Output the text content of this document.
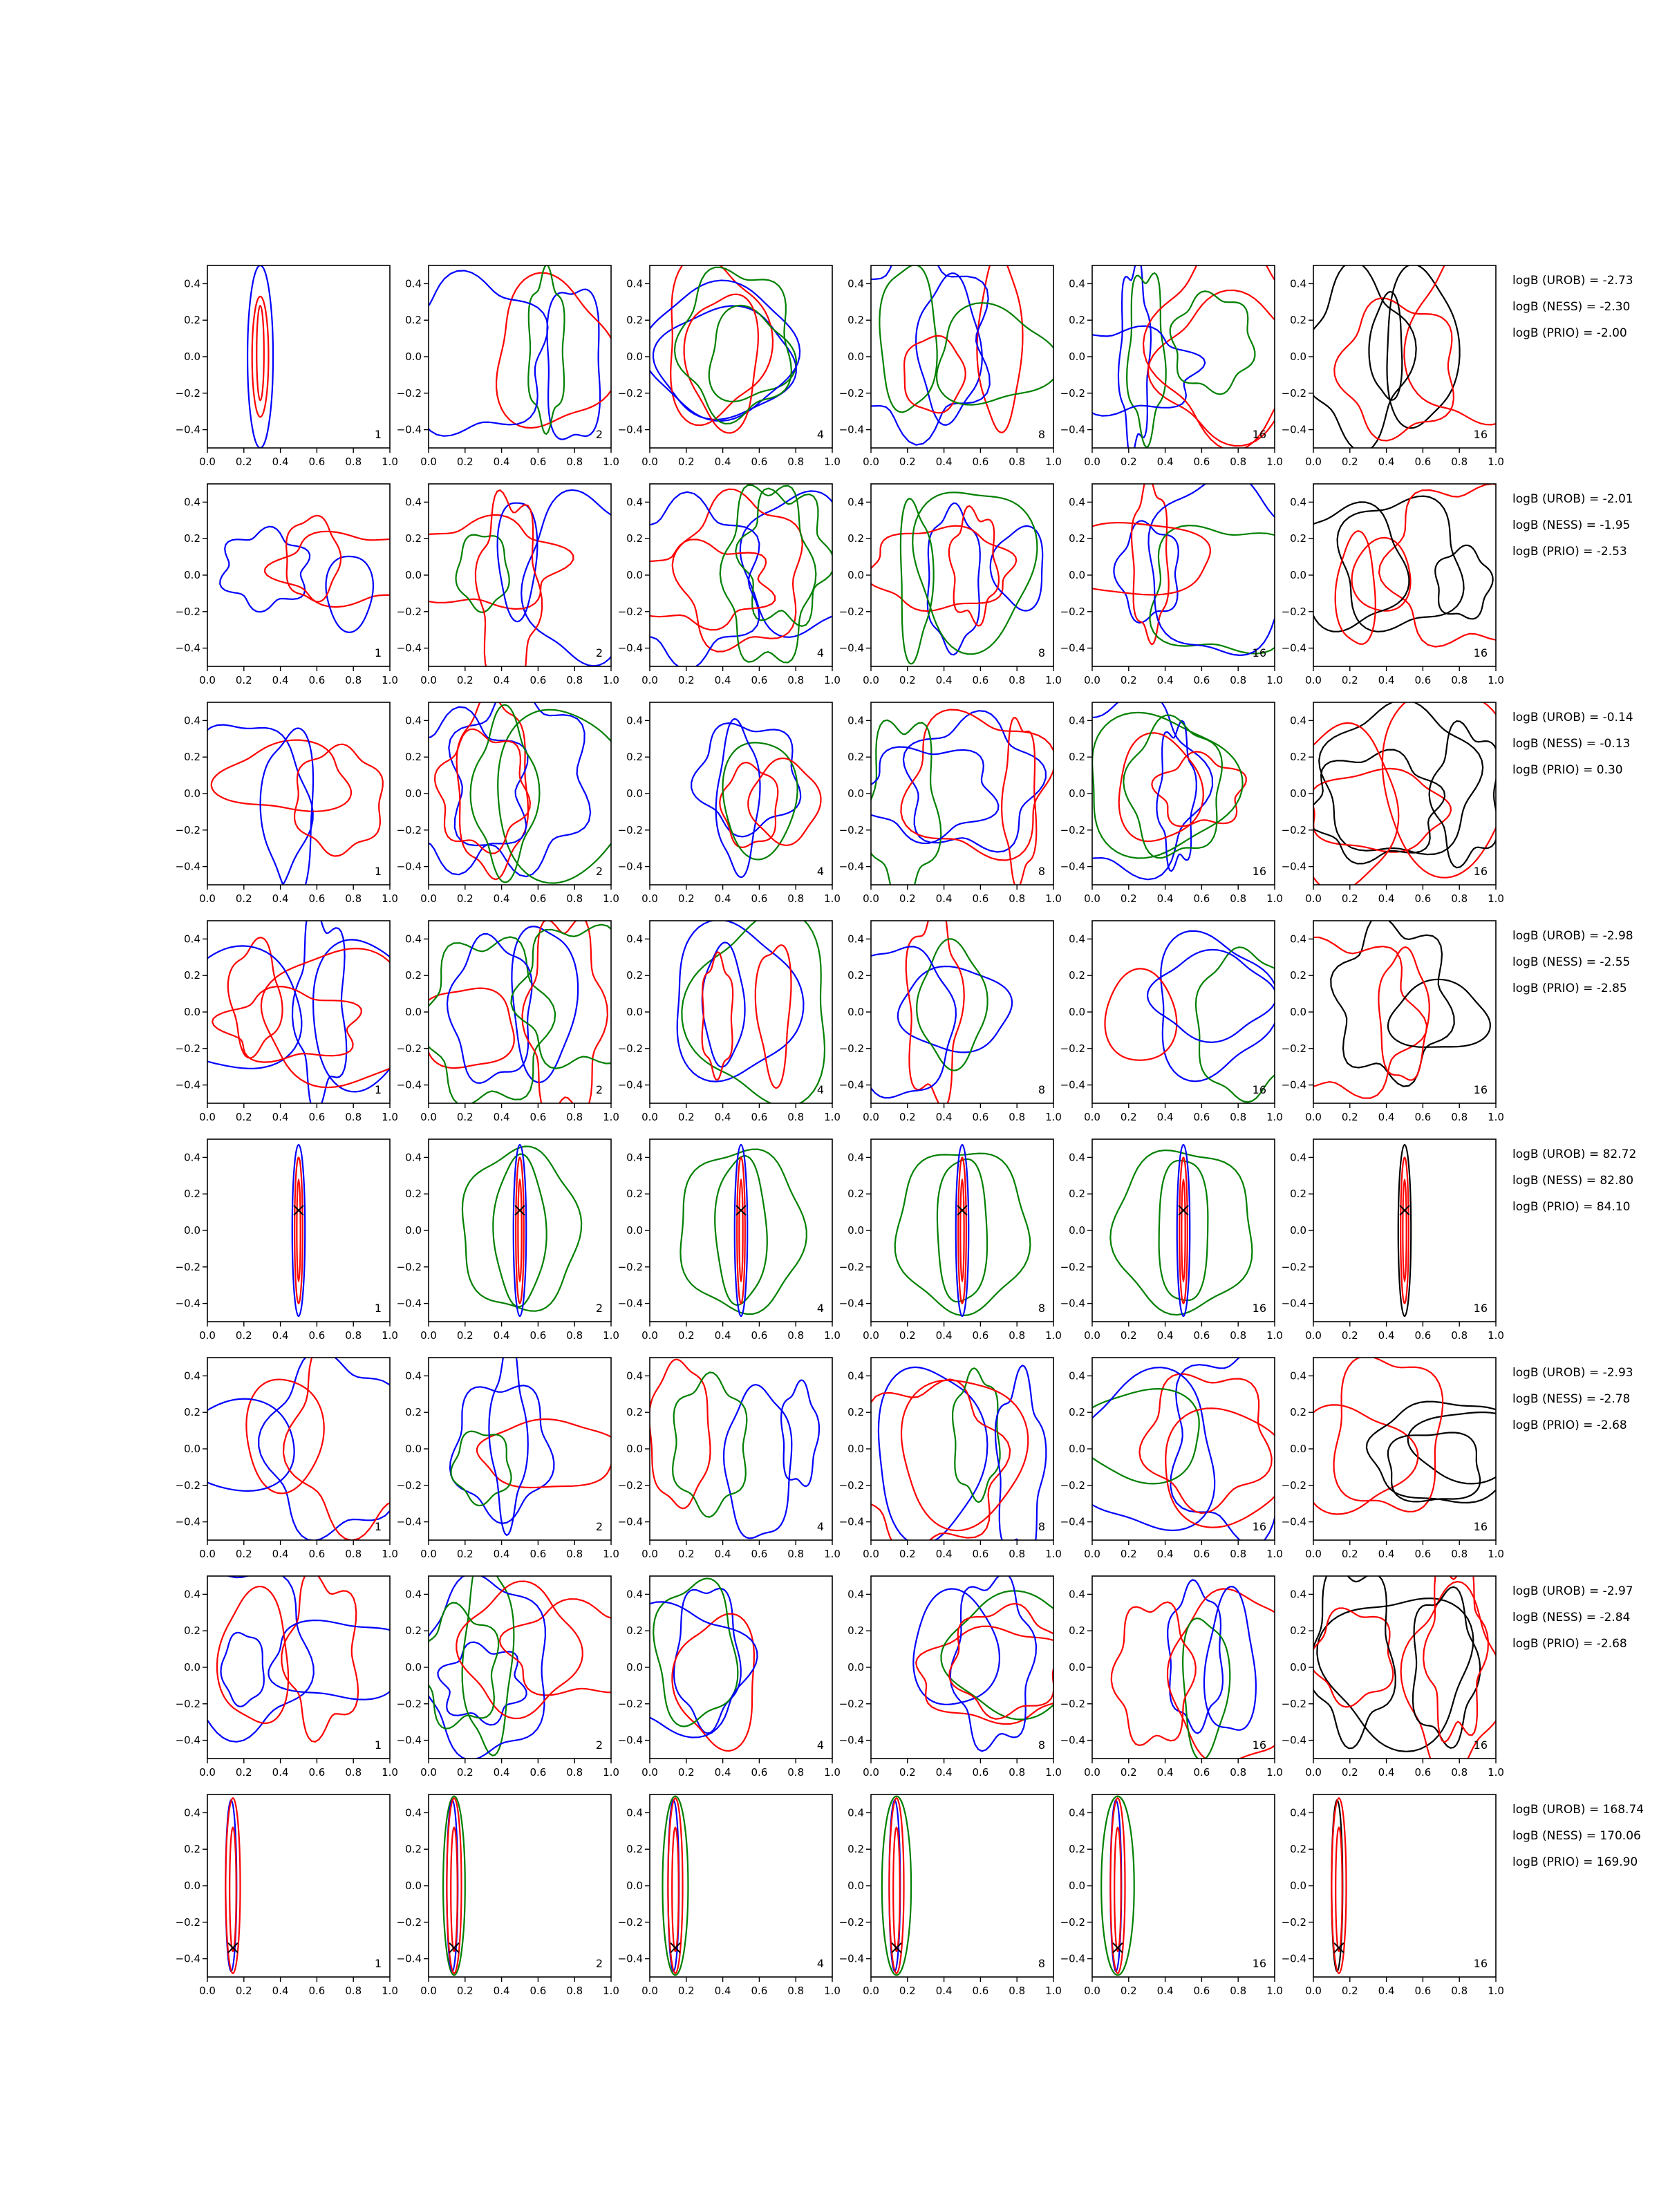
0.0 0.2 0.4 0.6 0.8 1.0
0.4
0.2
0.0
−0.2
−0.4	1
0.0 0.2 0.4 0.6 0.8 1.0
0.4
0.2
0.0
−0.2
−0.4	2
0.0 0.2 0.4 0.6 0.8 1.0
0.4
0.2
0.0
−0.2
−0.4	4
0.0 0.2 0.4 0.6 0.8 1.0
0.4
0.2
0.0
−0.2
−0.4	8
0.0 0.2 0.4 0.6 0.8 1.0
0.4
0.2
0.0
−0.2
−0.4	16
0.0 0.2 0.4 0.6 0.8 1.0
0.4
0.2
0.0
−0.2
−0.4	16
0.0 0.2 0.4 0.6 0.8 1.0
0.4
0.2
0.0
−0.2
−0.4	1
0.0 0.2 0.4 0.6 0.8 1.0
0.4
0.2
0.0
−0.2
−0.4	2
0.0 0.2 0.4 0.6 0.8 1.0
0.4
0.2
0.0
−0.2
−0.4	4
0.0 0.2 0.4 0.6 0.8 1.0
0.4
0.2
0.0
−0.2
−0.4	8
0.0 0.2 0.4 0.6 0.8 1.0
0.4
0.2
0.0
−0.2
−0.4	16
0.0 0.2 0.4 0.6 0.8 1.0
0.4
0.2
0.0
−0.2
−0.4	16
0.0 0.2 0.4 0.6 0.8 1.0
0.4
0.2
0.0
−0.2
−0.4	1
0.0 0.2 0.4 0.6 0.8 1.0
0.4
0.2
0.0
−0.2
−0.4	2
0.0 0.2 0.4 0.6 0.8 1.0
0.4
0.2
0.0
−0.2
−0.4	4
0.0 0.2 0.4 0.6 0.8 1.0
0.4
0.2
0.0
−0.2
−0.4	8
0.0 0.2 0.4 0.6 0.8 1.0
0.4
0.2
0.0
−0.2
−0.4	16
0.0 0.2 0.4 0.6 0.8 1.0
0.4
0.2
0.0
−0.2
−0.4	16
0.0 0.2 0.4 0.6 0.8 1.0
0.4
0.2
0.0
−0.2
−0.4	1
0.0 0.2 0.4 0.6 0.8 1.0
0.4
0.2
0.0
−0.2
−0.4	2
0.0 0.2 0.4 0.6 0.8 1.0
0.4
0.2
0.0
−0.2
−0.4	4
0.0 0.2 0.4 0.6 0.8 1.0
0.4
0.2
0.0
−0.2
−0.4	8
0.0 0.2 0.4 0.6 0.8 1.0
0.4
0.2
0.0
−0.2
−0.4	16
0.0 0.2 0.4 0.6 0.8 1.0
0.4
0.2
0.0
−0.2
−0.4	16
0.0 0.2 0.4 0.6 0.8 1.0
0.4
0.2
0.0
−0.2
−0.4	1
0.0 0.2 0.4 0.6 0.8 1.0
0.4
0.2
0.0
−0.2
−0.4	2
0.0 0.2 0.4 0.6 0.8 1.0
0.4
0.2
0.0
−0.2
−0.4	4
0.0 0.2 0.4 0.6 0.8 1.0
0.4
0.2
0.0
−0.2
−0.4	8
0.0 0.2 0.4 0.6 0.8 1.0
0.4
0.2
0.0
−0.2
−0.4	16
0.0 0.2 0.4 0.6 0.8 1.0
0.4
0.2
0.0
−0.2
−0.4	16
0.0 0.2 0.4 0.6 0.8 1.0
0.4
0.2
0.0
−0.2
−0.4	1
0.0 0.2 0.4 0.6 0.8 1.0
0.4
0.2
0.0
−0.2
−0.4	2
0.0 0.2 0.4 0.6 0.8 1.0
0.4
0.2
0.0
−0.2
−0.4	4
0.0 0.2 0.4 0.6 0.8 1.0
0.4
0.2
0.0
−0.2
−0.4	8
0.0 0.2 0.4 0.6 0.8 1.0
0.4
0.2
0.0
−0.2
−0.4	16
0.0 0.2 0.4 0.6 0.8 1.0
0.4
0.2
0.0
−0.2
−0.4	16
0.0 0.2 0.4 0.6 0.8 1.0
0.4
0.2
0.0
−0.2
−0.4	1
0.0 0.2 0.4 0.6 0.8 1.0
0.4
0.2
0.0
−0.2
−0.4	2
0.0 0.2 0.4 0.6 0.8 1.0
0.4
0.2
0.0
−0.2
−0.4	4
0.0 0.2 0.4 0.6 0.8 1.0
0.4
0.2
0.0
−0.2
−0.4	8
0.0 0.2 0.4 0.6 0.8 1.0
0.4
0.2
0.0
−0.2
−0.4	16
0.0 0.2 0.4 0.6 0.8 1.0
0.4
0.2
0.0
−0.2
−0.4	16
0.0 0.2 0.4 0.6 0.8 1.0
0.4
0.2
0.0
−0.2
−0.4	1
0.0 0.2 0.4 0.6 0.8 1.0
0.4
0.2
0.0
−0.2
−0.4	2
0.0 0.2 0.4 0.6 0.8 1.0
0.4
0.2
0.0
−0.2
−0.4	4
0.0 0.2 0.4 0.6 0.8 1.0
0.4
0.2
0.0
−0.2
−0.4	8
0.0 0.2 0.4 0.6 0.8 1.0
0.4
0.2
0.0
−0.2
−0.4	16
0.0 0.2 0.4 0.6 0.8 1.0
0.4
0.2
0.0
−0.2
−0.4	16
logB (UROB) = -2.73
logB (NESS) = -2.30
logB (PRIO) = -2.00
logB (UROB) = -2.01
logB (NESS) = -1.95
logB (PRIO) = -2.53
logB (UROB) = -0.14
logB (NESS) = -0.13
logB (PRIO) = 0.30
logB (UROB) = -2.98
logB (NESS) = -2.55
logB (PRIO) = -2.85
logB (UROB) = 82.72
logB (NESS) = 82.80
logB (PRIO) = 84.10
logB (UROB) = -2.93
logB (NESS) = -2.78
logB (PRIO) = -2.68
logB (UROB) = -2.97
logB (NESS) = -2.84
logB (PRIO) = -2.68
logB (UROB) = 168.74
logB (NESS) = 170.06
logB (PRIO) = 169.90
